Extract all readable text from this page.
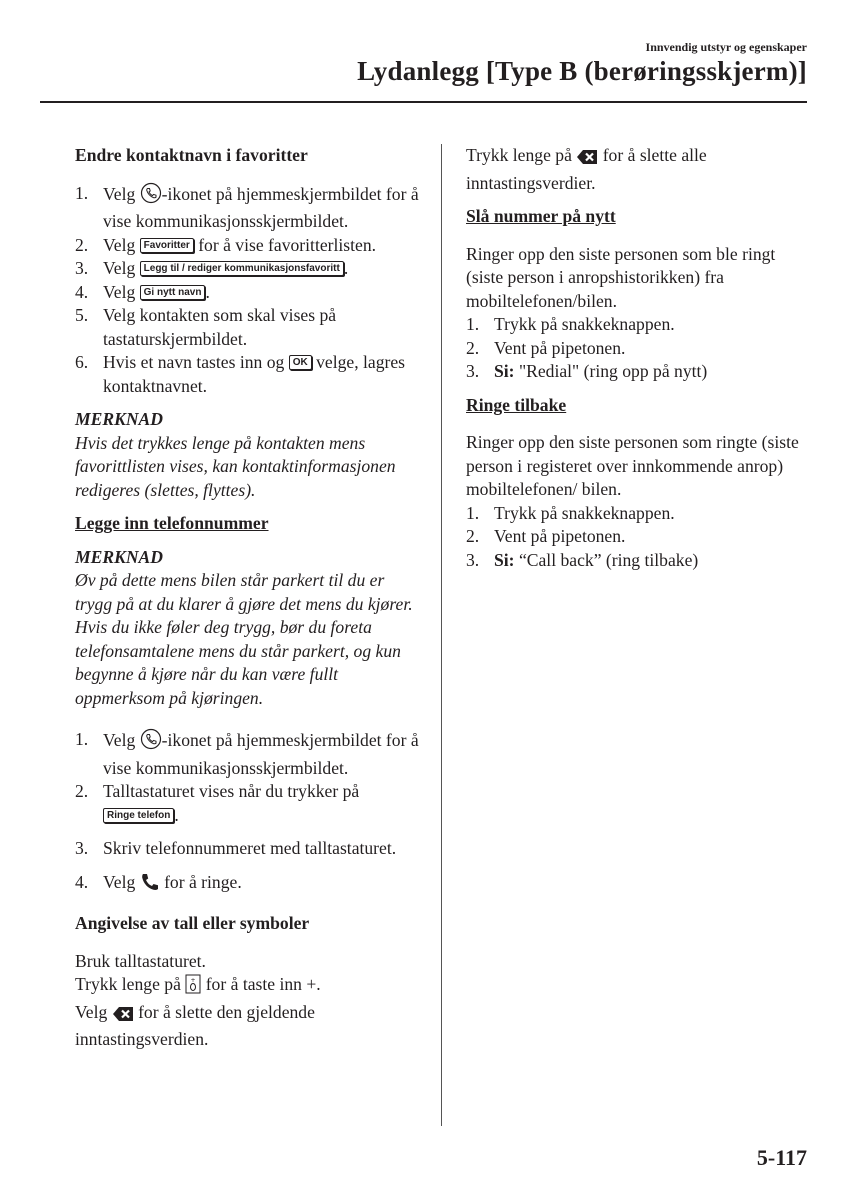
Innvendig utstyr og egenskaper
Lydanlegg [Type B (berøringsskjerm)]

Endre kontaktnavn i favoritter

1. Velg -ikonet på hjemmeskjermbildet for å vise kommunikasjonsskjermbildet.
2. Velg Favoritter for å vise favoritterlisten.
3. Velg Legg til / rediger kommunikasjonsfavoritt .
4. Velg Gi nytt navn .
5. Velg kontakten som skal vises på tastaturskjermbildet.
6. Hvis et navn tastes inn og OK velge, lagres kontaktnavnet.

MERKNAD

Hvis det trykkes lenge på kontakten mens favorittlisten vises, kan kontaktinformasjonen redigeres (slettes, flyttes).

Legge inn telefonnummer

MERKNAD

Øv på dette mens bilen står parkert til du er trygg på at du klarer å gjøre det mens du kjører. Hvis du ikke føler deg trygg, bør du foreta telefonsamtalene mens du står parkert, og kun begynne å kjøre når du kan være fullt oppmerksom på kjøringen.

1. Velg -ikonet på hjemmeskjermbildet for å vise kommunikasjonsskjermbildet.
2. Talltastaturet vises når du trykker på
Ringe telefon .
3. Skriv telefonnummeret med talltastaturet.
4. Velg for å ringe.

Angivelse av tall eller symboler

Bruk talltastaturet.

Trykk lenge på + for å taste inn +.

Velg for å slette den gjeldende inntastingsverdien.

Trykk lenge på for å slette alle inntastingsverdier.

Slå nummer på nytt

Ringer opp den siste personen som ble ringt (siste person i anropshistorikken) fra mobiltelefonen/bilen.

1. Trykk på snakkeknappen.
2. Vent på pipetonen.
3. Si: "Redial" (ring opp på nytt)

Ringe tilbake

Ringer opp den siste personen som ringte (siste person i registeret over innkommende anrop) mobiltelefonen/ bilen.

1. Trykk på snakkeknappen.
2. Vent på pipetonen.
3. Si: “Call back” (ring tilbake)
5-117
